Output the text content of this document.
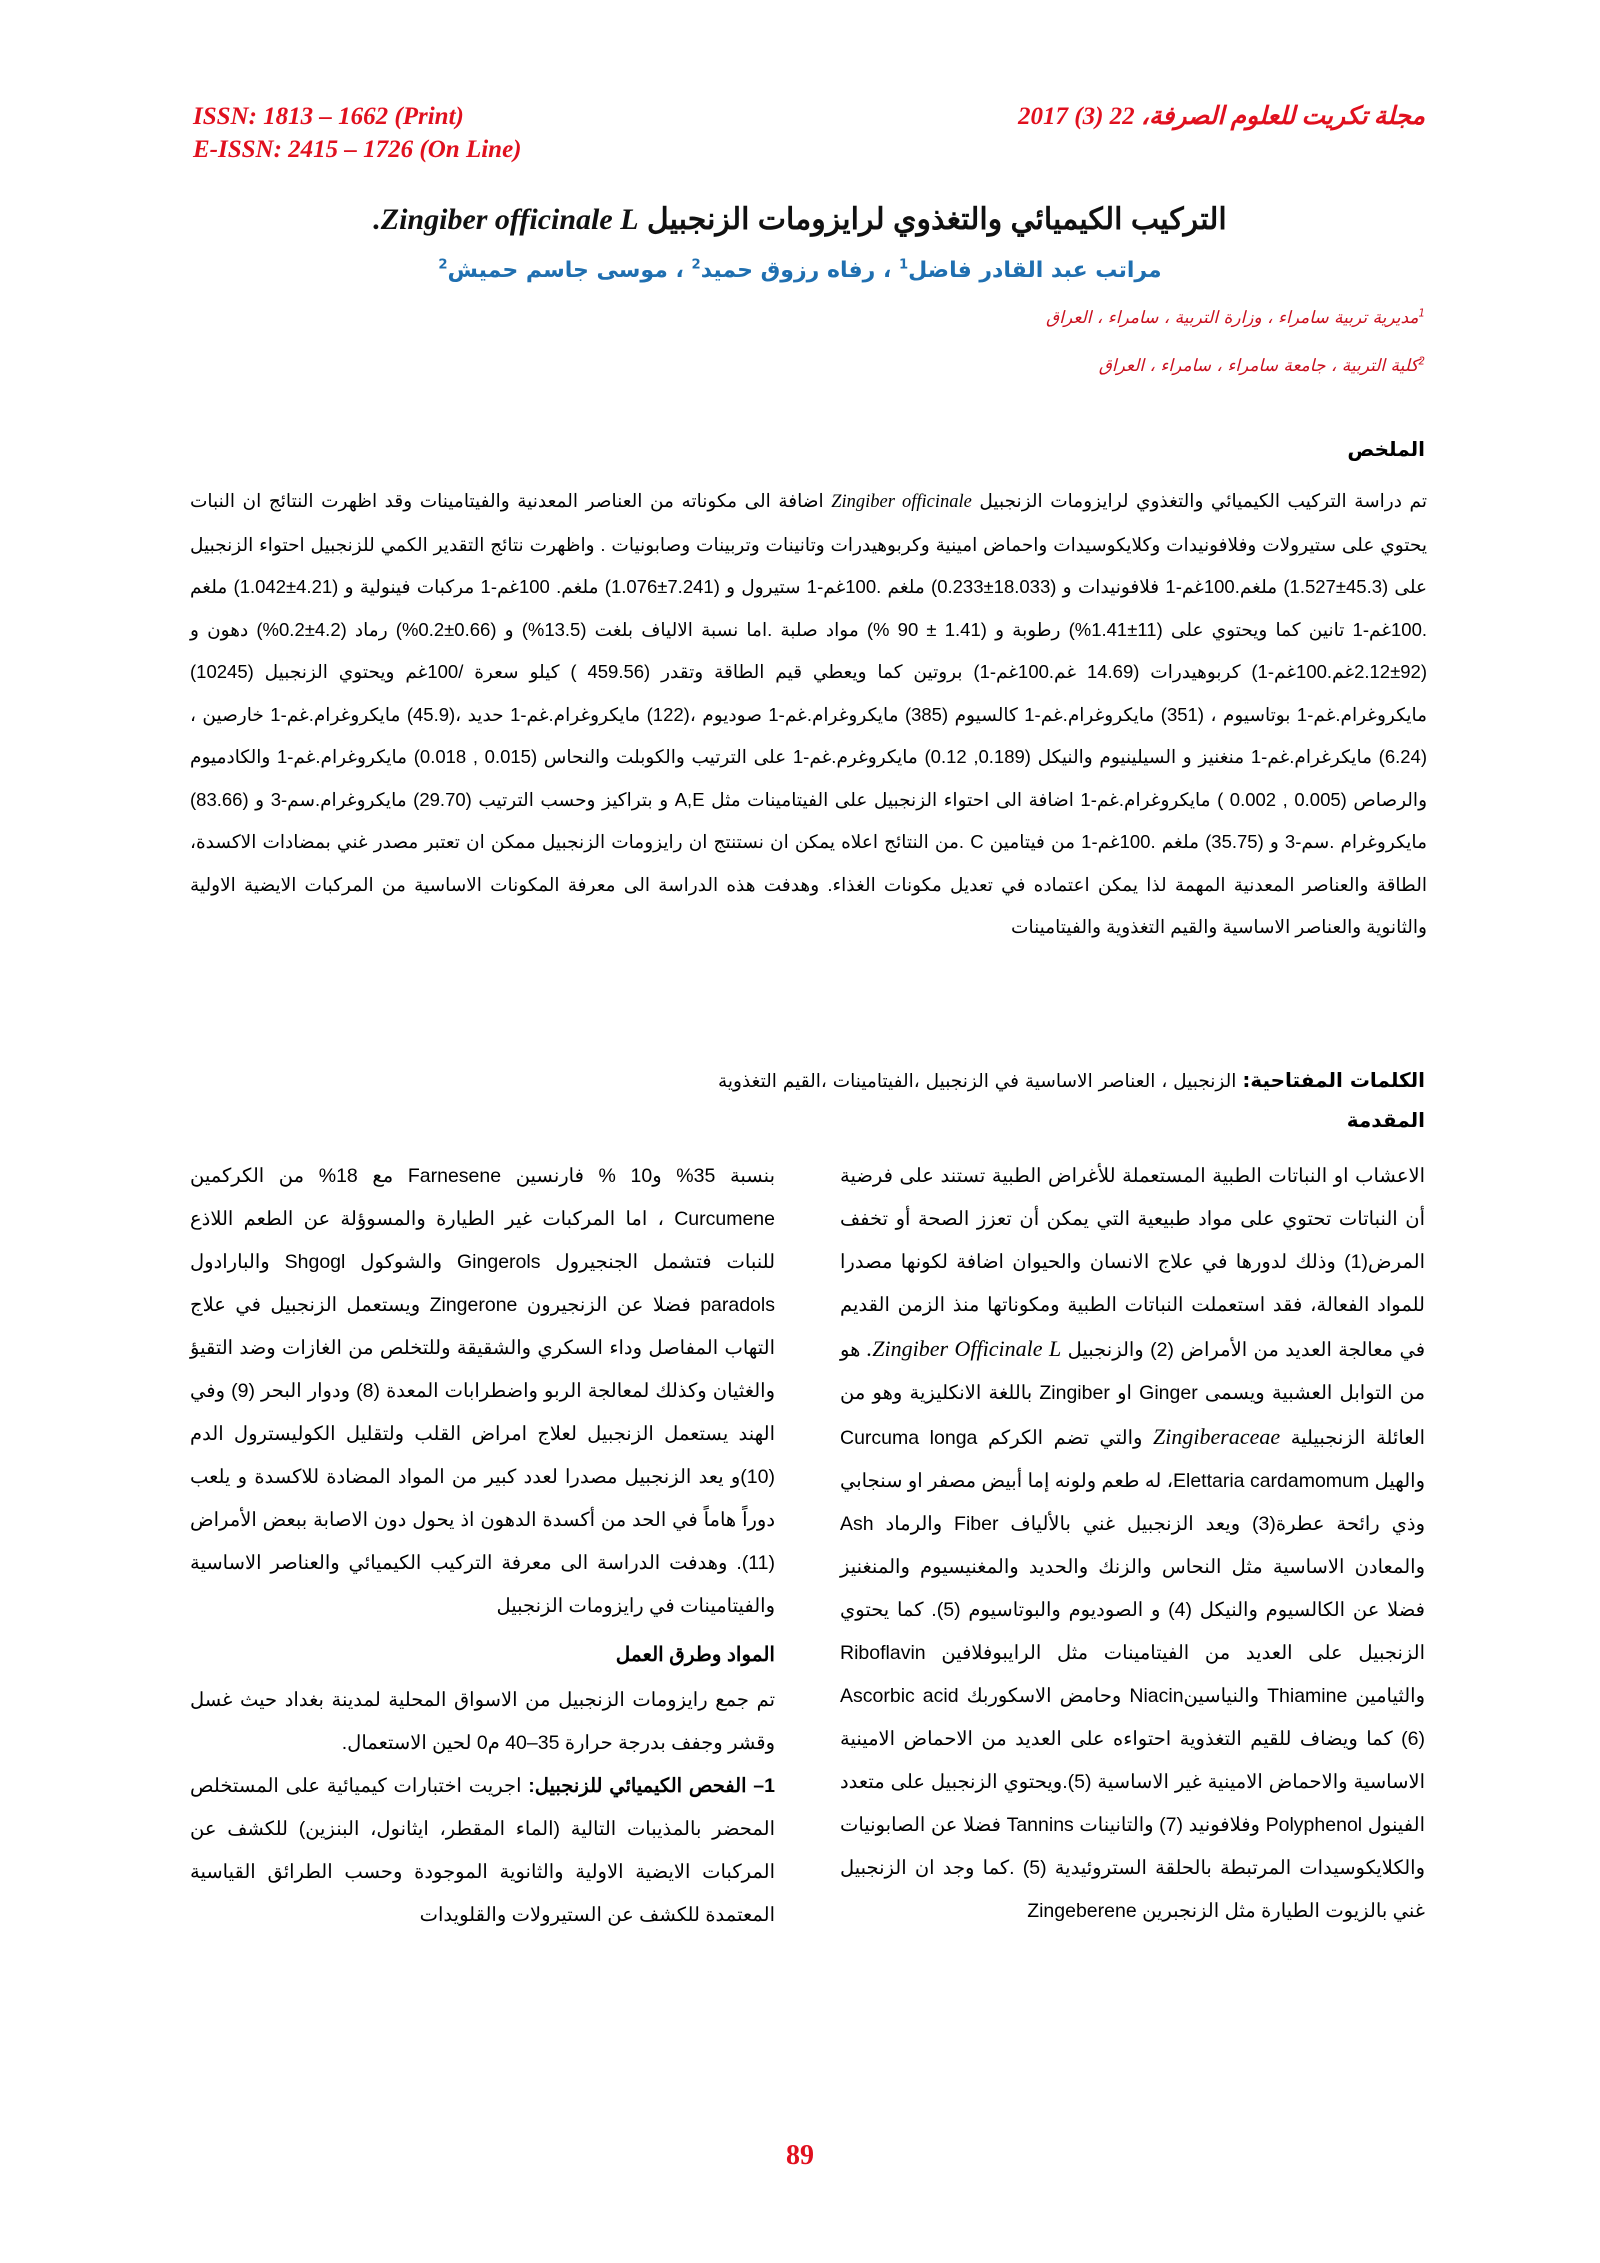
ISSN: 1813 – 1662 (Print)
E-ISSN: 2415 – 1726 (On Line)
مجلة تكريت للعلوم الصرفة، 22 (3) 2017
التركيب الكيميائي والتغذوي لرايزومات الزنجبيل Zingiber officinale L.
مراتب عبد القادر فاضل$^1$ ، رفاه رزوق حميد$^2$ ، موسى جاسم حميش$^2$
$^1$مديرية تربية سامراء ، وزارة التربية ، سامراء ، العراق
$^2$كلية التربية ، جامعة سامراء ، سامراء ، العراق
الملخص
تم دراسة التركيب الكيميائي والتغذوي لرايزومات الزنجبيل Zingiber officinale اضافة الى مكوناته من العناصر المعدنية والفيتامينات وقد اظهرت النتائج ان النبات يحتوي على ستيرولات وفلافونيدات وكلايكوسيدات واحماض امينية وكربوهيدرات وتانينات وتربينات وصابونيات . واظهرت نتائج التقدير الكمي للزنجبيل احتواء الزنجبيل على (45.3±1.527) ملغم.100غم-1 فلافونيدات و (18.033±0.233) ملغم .100غم-1 ستيرول و (7.241±1.076) ملغم. 100غم-1 مركبات فينولية و (4.21±1.042) ملغم .100غم-1 تانين كما ويحتوي على (11±1.41%) رطوبة و (1.41 ± 90 %) مواد صلبة .اما نسبة الالياف بلغت (13.5%) و (0.66±0.2%) رماد (4.2±0.2%) دهون و (92±2.12غم.100غم-1) كربوهيدرات (14.69 غم.100غم-1) بروتين كما ويعطي قيم الطاقة وتقدر (459.56 ) كيلو سعرة /100غم ويحتوي الزنجبيل (10245) مايكروغرام.غم-1 بوتاسيوم ، (351) مايكروغرام.غم-1 كالسيوم (385) مايكروغرام.غم-1 صوديوم ،(122) مايكروغرام.غم-1 حديد ،(45.9) مايكروغرام.غم-1 خارصين ،(6.24) مايكرغرام.غم-1 منغنيز و السيلينيوم والنيكل (0.189, 0.12) مايكروغرم.غم-1 على الترتيب والكوبلت والنحاس (0.015 , 0.018) مايكروغرام.غم-1 والكادميوم والرصاص (0.005 , 0.002 ) مايكروغرام.غم-1 اضافة الى احتواء الزنجبيل على الفيتامينات مثل A,E و بتراكيز وحسب الترتيب (29.70) مايكروغرام.سم-3 و (83.66) مايكروغرام .سم-3 و (35.75) ملغم .100غم-1 من فيتامين C .من النتائج اعلاه يمكن ان نستنتج ان رايزومات الزنجبيل ممكن ان تعتبر مصدر غني بمضادات الاكسدة، الطاقة والعناصر المعدنية المهمة لذا يمكن اعتماده في تعديل مكونات الغذاء. وهدفت هذه الدراسة الى معرفة المكونات الاساسية من المركبات الايضية الاولية والثانوية والعناصر الاساسية والقيم التغذوية والفيتامينات
الكلمات المفتاحية: الزنجبيل ، العناصر الاساسية في الزنجبيل ،الفيتامينات ،القيم التغذوية
المقدمة

الاعشاب او النباتات الطبية المستعملة للأغراض الطبية تستند على فرضية أن النباتات تحتوي على مواد طبيعية التي يمكن أن تعزز الصحة أو تخفف المرض(1) وذلك لدورها في علاج الانسان والحيوان اضافة لكونها مصدرا للمواد الفعالة، فقد استعملت النباتات الطبية ومكوناتها منذ الزمن القديم في معالجة العديد من الأمراض (2) والزنجبيل Zingiber Officinale L. هو من التوابل العشبية ويسمى Ginger او Zingiber باللغة الانكليزية وهو من العائلة الزنجبيلية Zingiberaceae والتي تضم الكركم Curcuma longa والهيل Elettaria cardamomum، له طعم ولونه إما أبيض مصفر او سنجابي وذي رائحة عطرة(3) ويعد الزنجبيل غني بالألياف Fiber والرماد Ash والمعادن الاساسية مثل النحاس والزنك والحديد والمغنيسيوم والمنغنيز فضلا عن الكالسيوم والنيكل (4) و الصوديوم والبوتاسيوم (5). كما يحتوي الزنجبيل على العديد من الفيتامينات مثل الرايبوفلافين Riboflavin والثيامين Thiamine والنياسينNiacin وحامض الاسكوربك Ascorbic acid (6) كما ويضاف للقيم التغذوية احتواءه على العديد من الاحماض الامينية الاساسية والاحماض الامينية غير الاساسية (5).ويحتوي الزنجبيل على متعدد الفينول Polyphenol وفلافونيد (7) والتانينات Tannins فضلا عن الصابونيات والكلايكوسيدات المرتبطة بالحلقة الستروئيدية (5) .كما وجد ان الزنجبيل غني بالزيوت الطيارة مثل الزنجبرين Zingeberene

بنسبة 35% و10 % فارنسين Farnesene مع 18% من الكركمين Curcumene ، اما المركبات غير الطيارة والمسوؤلة عن الطعم اللاذع للنبات فتشمل الجنجيرول Gingerols والشوكول Shgogl والبارادول paradols فضلا عن الزنجيرون Zingerone ويستعمل الزنجبيل في علاج التهاب المفاصل وداء السكري والشقيقة وللتخلص من الغازات وضد التقيؤ والغثيان وكذلك لمعالجة الربو واضطرابات المعدة (8) ودوار البحر (9) وفي الهند يستعمل الزنجبيل لعلاج امراض القلب ولتقليل الكوليسترول الدم (10)و يعد الزنجبيل مصدرا لعدد كبير من المواد المضادة للاكسدة و يلعب دوراً هاماً في الحد من أكسدة الدهون اذ يحول دون الاصابة ببعض الأمراض (11). وهدفت الدراسة الى معرفة التركيب الكيميائي والعناصر الاساسية والفيتامينات في رايزومات الزنجبيل

المواد وطرق العمل

تم جمع رايزومات الزنجبيل من الاسواق المحلية لمدينة بغداد حيث غسل وقشر وجفف بدرجة حرارة 35–40 م0 لحين الاستعمال.

1– الفحص الكيميائي للزنجبيل: اجريت اختبارات كيميائية على المستخلص المحضر بالمذيبات التالية (الماء المقطر، ايثانول، البنزين) للكشف عن المركبات الايضية الاولية والثانوية الموجودة وحسب الطرائق القياسية المعتمدة للكشف عن الستيرولات والقلويدات

89
